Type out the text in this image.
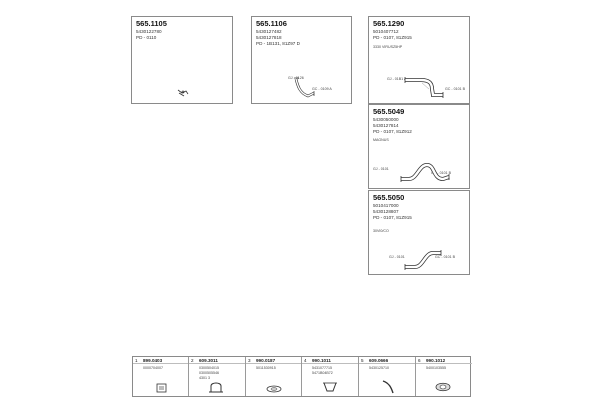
565.1105
5430122780
PD - 0110
565.1106
5430127482
5430127818
PD - 1B131, 81Z97 D
GJ - 0126
GC - 0109 A
565.1290
5010407712
PD - 0107, 81Z915
3330 VIRUSZ5HP
GJ - 01B1 A
GC - 0101 B
565.5049
5430050000
5430127814
PD - 0107, 81Z912
MAGNUS
GJ - 0101
GC - 0101 B
565.5050
5010417000
5430128807
PD - 0107, 81Z915
30VI0/CO
GJ - 0101	GC - 0101 B
1 899.0403
0000704007
2 609.3011
0300504015
0300505546
4301 3
3 990.0187
5011530915
4 990.1011
5431077715
5471B04B72
5 609.0666
5430125710
6 990.1012
5400103555
